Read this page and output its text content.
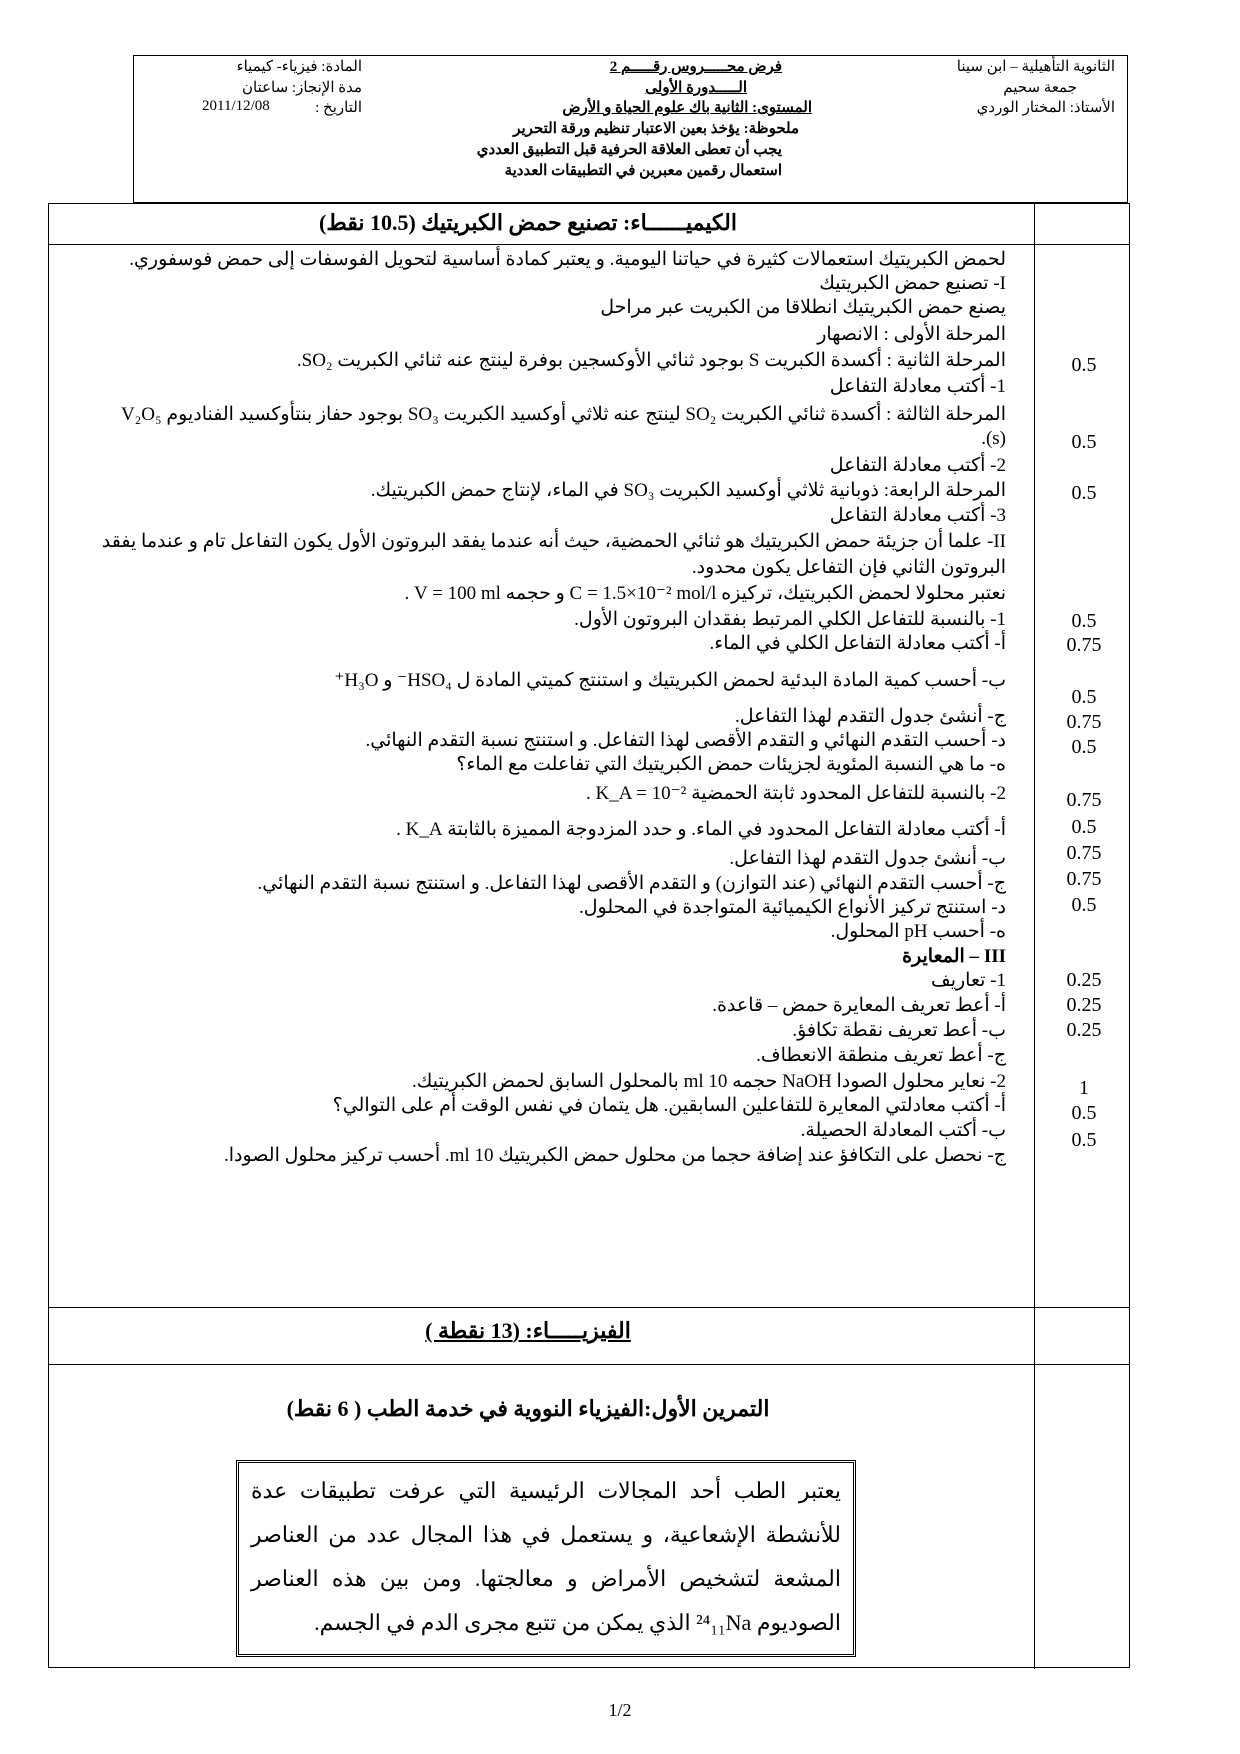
الثانوية التأهيلية – ابن سينا
جمعة سحيم
الأستاذ: المختار الوردي
فرض محـــــروس رقـــــم 2
الـــــدورة الأولى
المستوى: الثانية باك علوم الحياة و الأرض
المادة: فيزياء- كيمياء
مدة الإنجاز: ساعتان
التاريخ :
2011/12/08
ملحوظة: يؤخذ بعين الاعتبار تنظيم ورقة التحرير
يجب أن تعطى العلاقة الحرفية قبل التطبيق العددي
استعمال رقمين معبرين في التطبيقات العددية
الكيميــــــاء: تصنيع حمض الكبريتيك (10.5 نقط)
لحمض الكبريتيك استعمالات كثيرة في حياتنا اليومية. و يعتبر كمادة أساسية لتحويل الفوسفات إلى حمض فوسفوري.
I- تصنيع حمض الكبريتيك
يصنع حمض الكبريتيك انطلاقا من الكبريت عبر مراحل
المرحلة الأولى : الانصهار
المرحلة الثانية : أكسدة الكبريت S بوجود ثنائي الأوكسجين بوفرة لينتج عنه ثنائي الكبريت SO₂.
1- أكتب معادلة التفاعل
المرحلة الثالثة : أكسدة ثنائي الكبريت SO₂ لينتج عنه ثلاثي أوكسيد الكبريت SO₃ بوجود حفاز بنتأوكسيد الفناديوم V₂O₅
(s).
2- أكتب معادلة التفاعل
المرحلة الرابعة: ذوبانية ثلاثي أوكسيد الكبريت SO₃ في الماء، لإنتاج حمض الكبريتيك.
3- أكتب معادلة التفاعل
II- علما أن جزيئة حمض الكبريتيك هو ثنائي الحمضية، حيث أنه عندما يفقد البروتون الأول يكون التفاعل تام و عندما يفقد البروتون الثاني فإن التفاعل يكون محدود.
نعتبر محلولا لحمض الكبريتيك، تركيزه C = 1.5×10⁻² mol/l و حجمه V = 100 ml .
1- بالنسبة للتفاعل الكلي المرتبط بفقدان البروتون الأول.
أ- أكتب معادلة التفاعل الكلي في الماء.
ب- أحسب كمية المادة البدئية لحمض الكبريتيك و استنتج كميتي المادة ل HSO₄⁻ و H₃O⁺
ج- أنشئ جدول التقدم لهذا التفاعل.
د- أحسب التقدم النهائي و التقدم الأقصى لهذا التفاعل. و استنتج نسبة التقدم النهائي.
ه- ما هي النسبة المئوية لجزيئات حمض الكبريتيك التي تفاعلت مع الماء؟
2- بالنسبة للتفاعل المحدود ثابتة الحمضية K_A = 10⁻² .
أ- أكتب معادلة التفاعل المحدود في الماء. و حدد المزدوجة المميزة بالثابتة K_A .
ب- أنشئ جدول التقدم لهذا التفاعل.
ج- أحسب التقدم النهائي (عند التوازن) و التقدم الأقصى لهذا التفاعل. و استنتج نسبة التقدم النهائي.
د- استنتج تركيز الأنواع الكيميائية المتواجدة في المحلول.
ه- أحسب pH المحلول.
III – المعايرة
1- تعاريف
أ- أعط تعريف المعايرة حمض – قاعدة.
ب- أعط تعريف نقطة تكافؤ.
ج- أعط تعريف منطقة الانعطاف.
2- نعاير محلول الصودا NaOH حجمه 10 ml بالمحلول السابق لحمض الكبريتيك.
أ- أكتب معادلتي المعايرة للتفاعلين السابقين. هل يتمان في نفس الوقت أم على التوالي؟
ب- أكتب المعادلة الحصيلة.
ج- نحصل على التكافؤ عند إضافة حجما من محلول حمض الكبريتيك 10 ml. أحسب تركيز محلول الصودا.
0.5
0.5
0.5
0.5
0.75
0.5
0.75
0.5
0.75
0.5
0.75
0.75
0.5
0.25
0.25
0.25
1
0.5
0.5
الفيزيـــــاء: (13 نقطة )
التمرين الأول:الفيزياء النووية في خدمة الطب ( 6 نقط)

يعتبر الطب أحد المجالات الرئيسية التي عرفت تطبيقات عدة للأنشطة الإشعاعية، و يستعمل في هذا المجال عدد من العناصر المشعة لتشخيص الأمراض و معالجتها. ومن بين هذه العناصر الصوديوم ²⁴₁₁Na الذي يمكن من تتبع مجرى الدم في الجسم.

1/2
